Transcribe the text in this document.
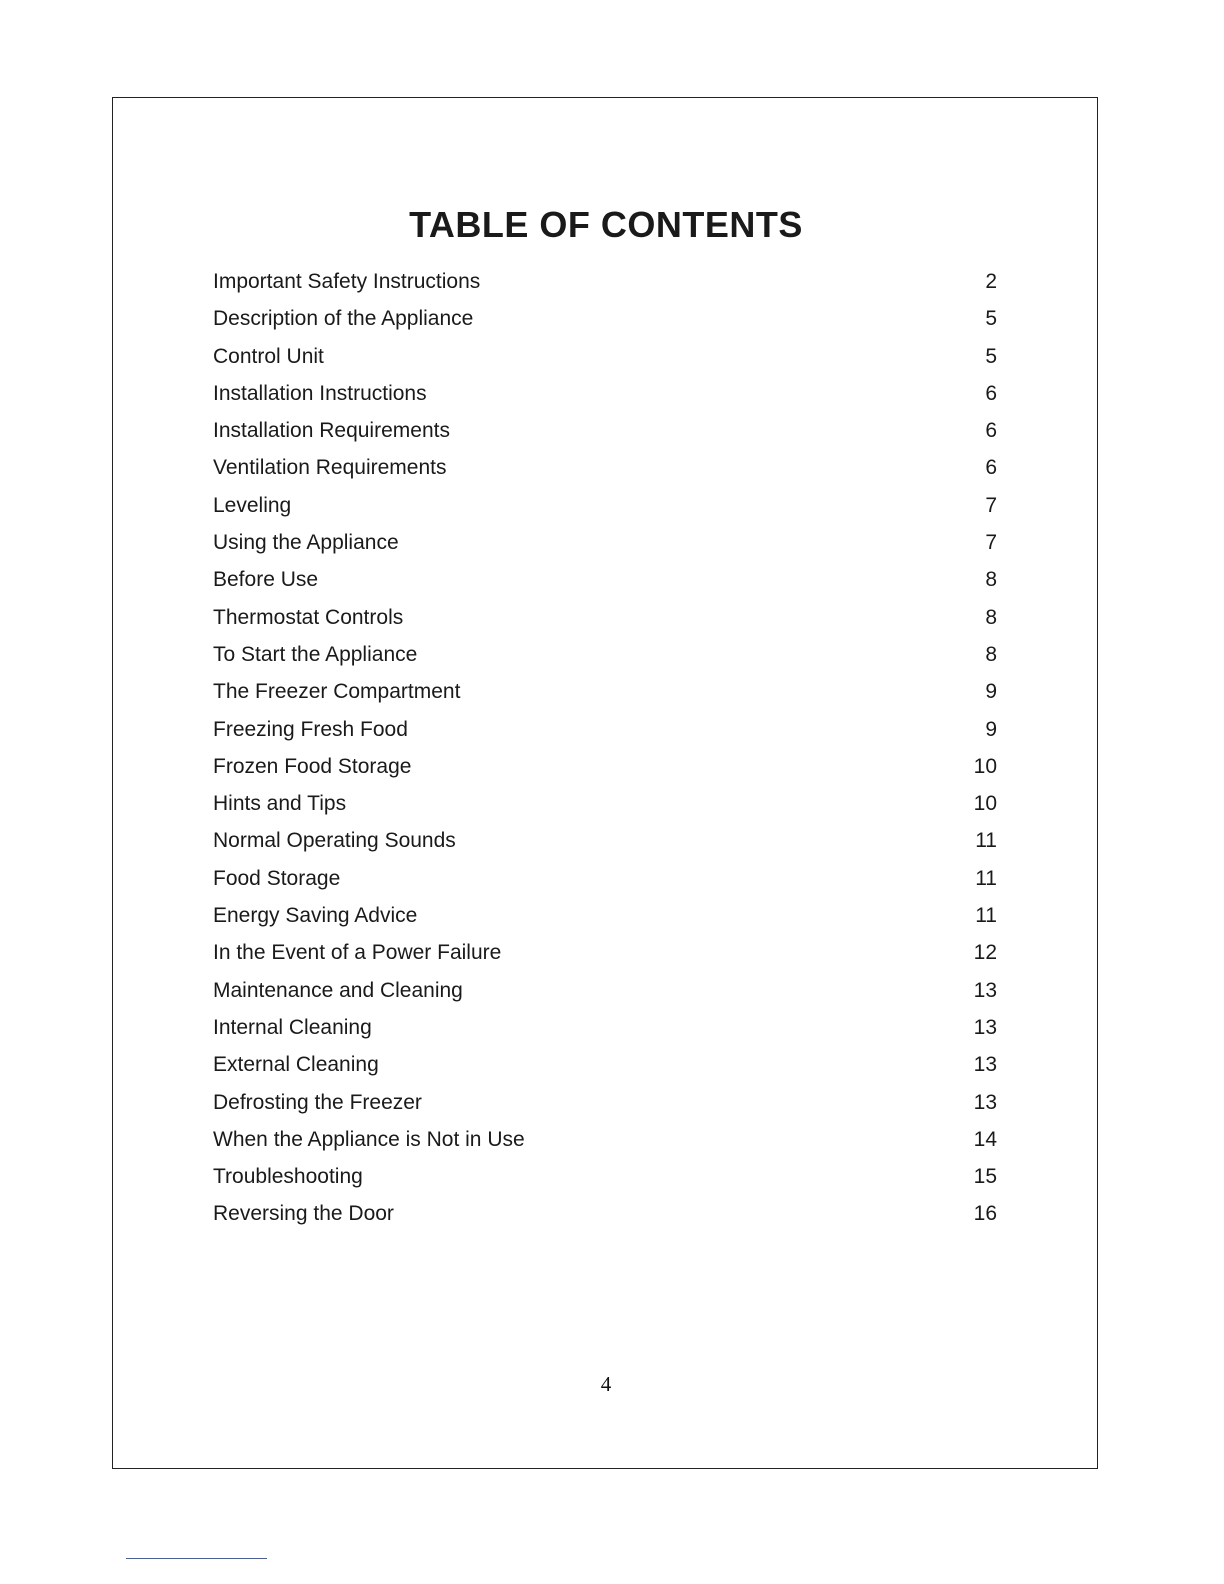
TABLE OF CONTENTS
Important Safety Instructions	2
Description of the Appliance	5
Control Unit	5
Installation Instructions	6
Installation Requirements	6
Ventilation Requirements	6
Leveling	7
Using the Appliance	7
Before Use	8
Thermostat Controls	8
To Start the Appliance	8
The Freezer Compartment	9
Freezing Fresh Food	9
Frozen Food Storage	10
Hints and Tips	10
Normal Operating Sounds	11
Food Storage	11
Energy Saving Advice	11
In the Event of a Power Failure	12
Maintenance and Cleaning	13
Internal Cleaning	13
External Cleaning	13
Defrosting the Freezer	13
When the Appliance is Not in Use	14
Troubleshooting	15
Reversing the Door	16
4
